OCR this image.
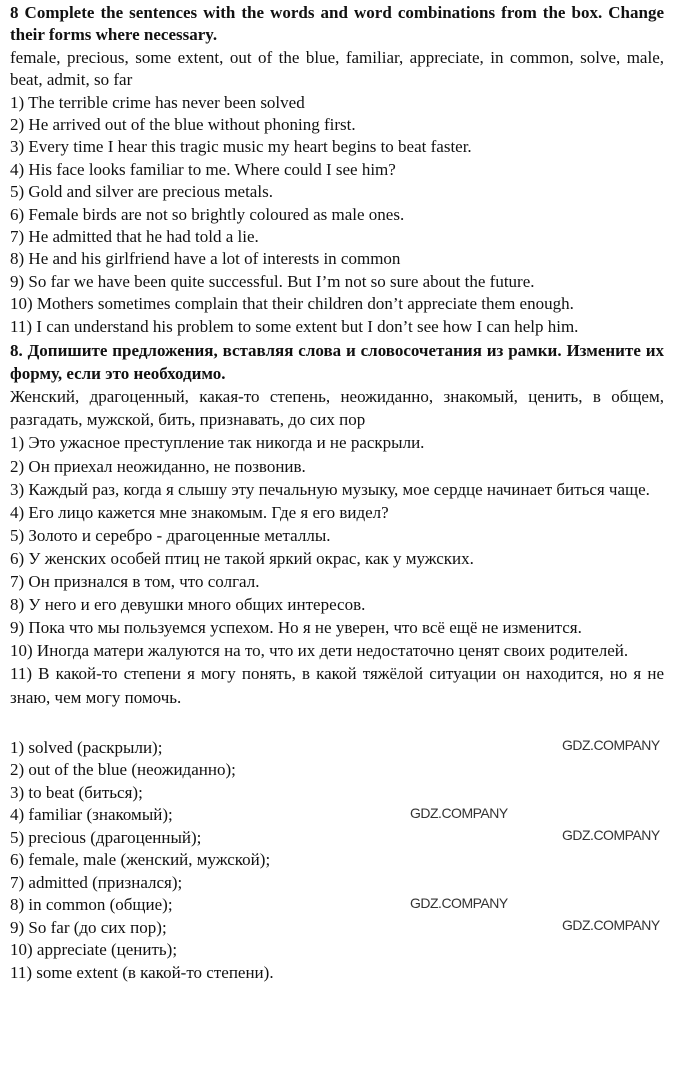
8 Complete the sentences with the words and word combinations from the box. Change their forms where necessary.
female, precious, some extent, out of the blue, familiar, appreciate, in common, solve, male, beat, admit, so far
1) The terrible crime has never been solved
2) He arrived out of the blue without phoning first.
3) Every time I hear this tragic music my heart begins to beat faster.
4) His face looks familiar to me. Where could I see him?
5) Gold and silver are precious metals.
6) Female birds are not so brightly coloured as male ones.
7) He admitted that he had told a lie.
8) He and his girlfriend have a lot of interests in common
9) So far we have been quite successful. But I’m not so sure about the future.
10) Mothers sometimes complain that their children don’t appreciate them enough.
11) I can understand his problem to some extent but I don’t see how I can help him.
8. Допишите предложения, вставляя слова и словосочетания из рамки. Измените их форму, если это необходимо.
Женский, драгоценный, какая-то степень, неожиданно, знакомый, ценить, в общем, разгадать, мужской, бить, признавать, до сих пор
1) Это ужасное преступление так никогда и не раскрыли.
2) Он приехал неожиданно, не позвонив.
3) Каждый раз, когда я слышу эту печальную музыку, мое сердце начинает биться чаще.
4) Его лицо кажется мне знакомым. Где я его видел?
5) Золото и серебро - драгоценные металлы.
6) У женских особей птиц не такой яркий окрас, как у мужских.
7) Он признался в том, что солгал.
8) У него и его девушки много общих интересов.
9) Пока что мы пользуемся успехом. Но я не уверен, что всё ещё не изменится.
10) Иногда матери жалуются на то, что их дети недостаточно ценят своих родителей.
11) В какой-то степени я могу понять, в какой тяжёлой ситуации он находится, но я не знаю, чем могу помочь.
1) solved (раскрыли);
2) out of the blue (неожиданно);
3) to beat (биться);
4) familiar (знакомый);
5) precious (драгоценный);
6) female, male (женский, мужской);
7) admitted (признался);
8) in common (общие);
9) So far (до сих пор);
10) appreciate (ценить);
11) some extent (в какой-то степени).
GDZ.COMPANY
GDZ.COMPANY
GDZ.COMPANY
GDZ.COMPANY
GDZ.COMPANY
